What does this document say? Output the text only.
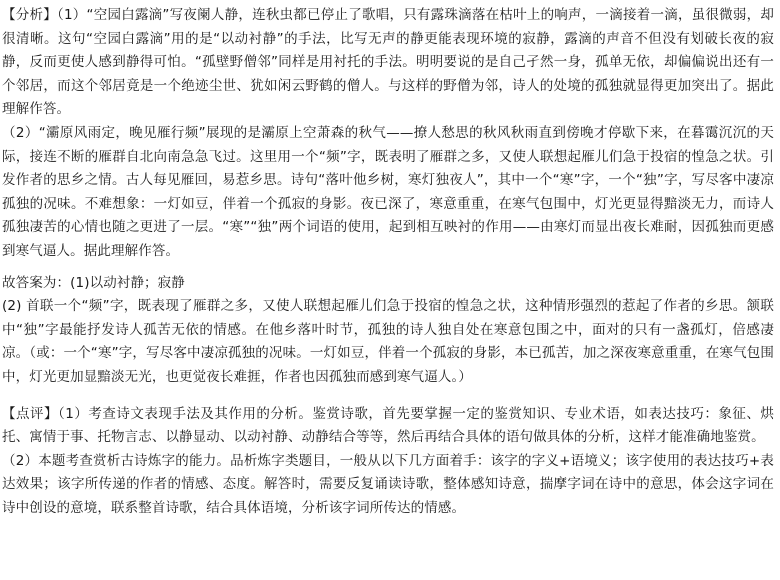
【分析】（1）“空园白露滴”写夜阑人静，连秋虫都已停止了歌唱，只有露珠滴落在枯叶上的响声，一滴接着一滴，虽很微弱，却很清晰。这句“空园白露滴”用的是“以动衬静”的手法，比写无声的静更能表现环境的寂静，露滴的声音不但没有划破长夜的寂静，反而更使人感到静得可怕。“孤壁野僧邻”同样是用衬托的手法。明明要说的是自己孑然一身，孤单无依，却偏偏说出还有一个邻居，而这个邻居竟是一个绝迹尘世、犹如闲云野鹤的僧人。与这样的野僧为邻，诗人的处境的孤独就显得更加突出了。据此理解作答。

（2）“灞原风雨定，晚见雁行频”展现的是灞原上空萧森的秋气——撩人愁思的秋风秋雨直到傍晚才停歇下来，在暮霭沉沉的天际，接连不断的雁群自北向南急急飞过。这里用一个“频”字，既表明了雁群之多，又使人联想起雁儿们急于投宿的惶急之状。引发作者的思乡之情。古人每见雁回，易惹乡思。诗句“落叶他乡树，寒灯独夜人”，其中一个“寒”字，一个“独”字，写尽客中凄凉孤独的况味。不难想象：一灯如豆，伴着一个孤寂的身影。夜已深了，寒意重重，在寒气包围中，灯光更显得黯淡无力，而诗人孤独凄苦的心情也随之更进了一层。“寒”“独”两个词语的使用，起到相互映衬的作用——由寒灯而显出夜长难耐，因孤独而更感到寒气逼人。据此理解作答。

故答案为：(1)以动衬静；寂静

(2) 首联一个“频”字，既表现了雁群之多，又使人联想起雁儿们急于投宿的惶急之状，这种情形强烈的惹起了作者的乡思。颔联中“独”字最能抒发诗人孤苦无依的情感。在他乡落叶时节，孤独的诗人独自处在寒意包围之中，面对的只有一盏孤灯，倍感凄凉。（或：一个“寒”字，写尽客中凄凉孤独的况味。一灯如豆，伴着一个孤寂的身影，本已孤苦，加之深夜寒意重重，在寒气包围中，灯光更加显黯淡无光，也更觉夜长难捱，作者也因孤独而感到寒气逼人。）

【点评】（1）考查诗文表现手法及其作用的分析。鉴赏诗歌，首先要掌握一定的鉴赏知识、专业术语，如表达技巧：象征、烘托、寓情于事、托物言志、以静显动、以动衬静、动静结合等等，然后再结合具体的语句做具体的分析，这样才能准确地鉴赏。

（2）本题考查赏析古诗炼字的能力。品析炼字类题目，一般从以下几方面着手：该字的字义+语境义；该字使用的表达技巧+表达效果；该字所传递的作者的情感、态度。解答时，需要反复诵读诗歌，整体感知诗意，揣摩字词在诗中的意思，体会这字词在诗中创设的意境，联系整首诗歌，结合具体语境，分析该字词所传达的情感。
